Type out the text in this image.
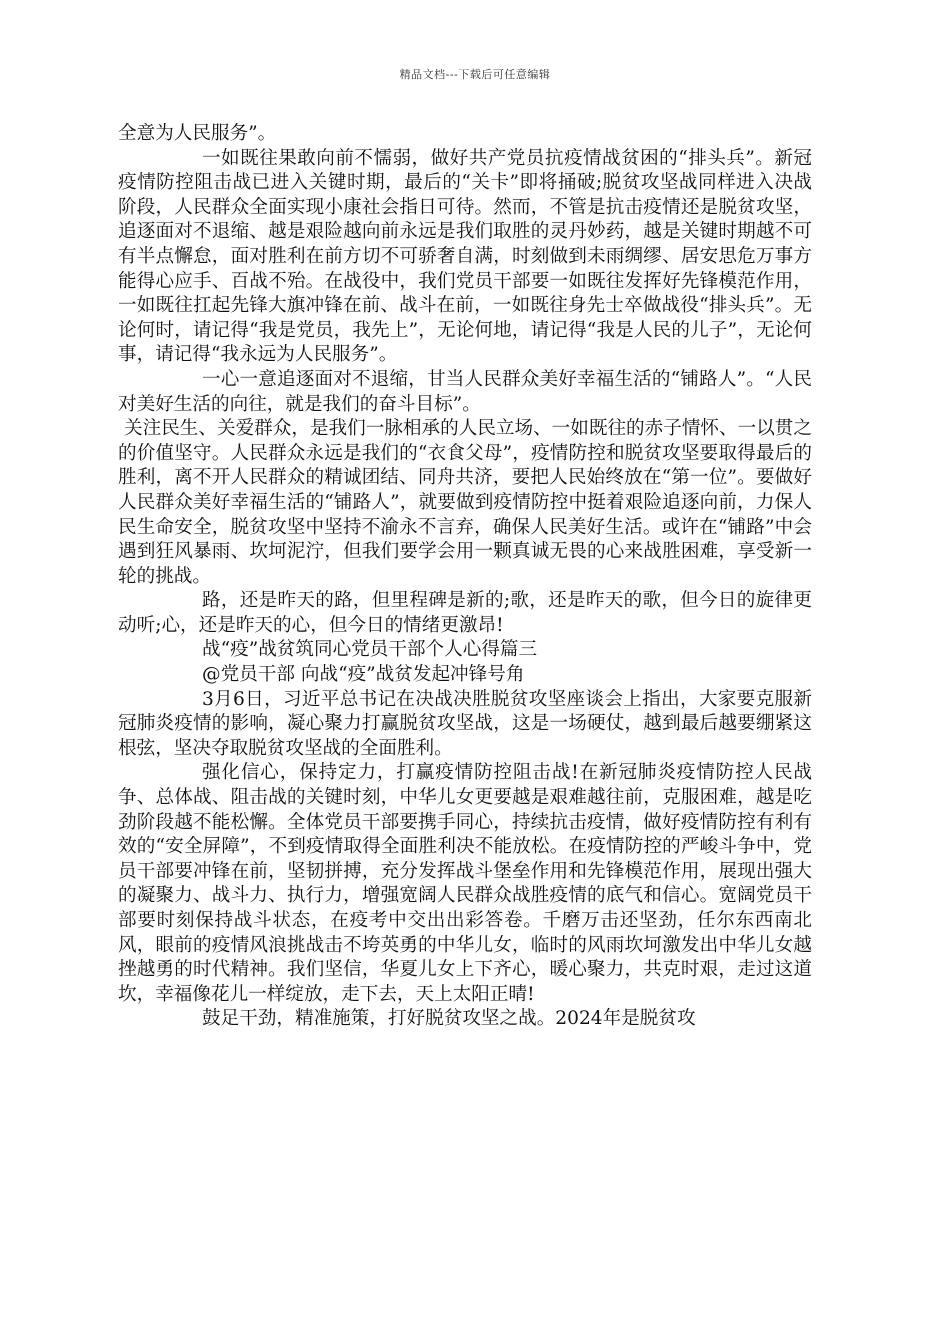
精品文档---下载后可任意编辑

全意为人民服务”。

一如既往果敢向前不懦弱，做好共产党员抗疫情战贫困的“排头兵”。新冠疫情防控阻击战已进入关键时期，最后的“关卡”即将捅破;脱贫攻坚战同样进入决战阶段，人民群众全面实现小康社会指日可待。然而，不管是抗击疫情还是脱贫攻坚，追逐面对不退缩、越是艰险越向前永远是我们取胜的灵丹妙药，越是关键时期越不可有半点懈怠，面对胜利在前方切不可骄奢自满，时刻做到未雨绸缪、居安思危万事方能得心应手、百战不殆。在战役中，我们党员干部要一如既往发挥好先锋模范作用，一如既往扛起先锋大旗冲锋在前、战斗在前，一如既往身先士卒做战役“排头兵”。无论何时，请记得“我是党员，我先上”，无论何地，请记得“我是人民的儿子”，无论何事，请记得“我永远为人民服务”。

一心一意追逐面对不退缩，甘当人民群众美好幸福生活的“铺路人”。“人民对美好生活的向往，就是我们的奋斗目标”。

关注民生、关爱群众，是我们一脉相承的人民立场、一如既往的赤子情怀、一以贯之的价值坚守。人民群众永远是我们的“衣食父母”，疫情防控和脱贫攻坚要取得最后的胜利，离不开人民群众的精诚团结、同舟共济，要把人民始终放在“第一位”。要做好人民群众美好幸福生活的“铺路人”，就要做到疫情防控中挺着艰险追逐向前，力保人民生命安全，脱贫攻坚中坚持不渝永不言弃，确保人民美好生活。或许在“铺路”中会遇到狂风暴雨、坎坷泥泞，但我们要学会用一颗真诚无畏的心来战胜困难，享受新一轮的挑战。

路，还是昨天的路，但里程碑是新的;歌，还是昨天的歌，但今日的旋律更动听;心，还是昨天的心，但今日的情绪更激昂!

战“疫”战贫筑同心党员干部个人心得篇三

@党员干部 向战“疫”战贫发起冲锋号角

3月6日，习近平总书记在决战决胜脱贫攻坚座谈会上指出，大家要克服新冠肺炎疫情的影响，凝心聚力打赢脱贫攻坚战，这是一场硬仗，越到最后越要绷紧这根弦，坚决夺取脱贫攻坚战的全面胜利。

强化信心，保持定力，打赢疫情防控阻击战!在新冠肺炎疫情防控人民战争、总体战、阻击战的关键时刻，中华儿女更要越是艰难越往前，克服困难，越是吃劲阶段越不能松懈。全体党员干部要携手同心，持续抗击疫情，做好疫情防控有利有效的“安全屏障”，不到疫情取得全面胜利决不能放松。在疫情防控的严峻斗争中，党员干部要冲锋在前，坚韧拼搏，充分发挥战斗堡垒作用和先锋模范作用，展现出强大的凝聚力、战斗力、执行力，增强宽阔人民群众战胜疫情的底气和信心。宽阔党员干部要时刻保持战斗状态，在疫考中交出出彩答卷。千磨万击还坚劲，任尔东西南北风，眼前的疫情风浪挑战击不垮英勇的中华儿女，临时的风雨坎坷激发出中华儿女越挫越勇的时代精神。我们坚信，华夏儿女上下齐心，暖心聚力，共克时艰，走过这道坎，幸福像花儿一样绽放，走下去，天上太阳正晴!

鼓足干劲，精准施策，打好脱贫攻坚之战。2024年是脱贫攻
